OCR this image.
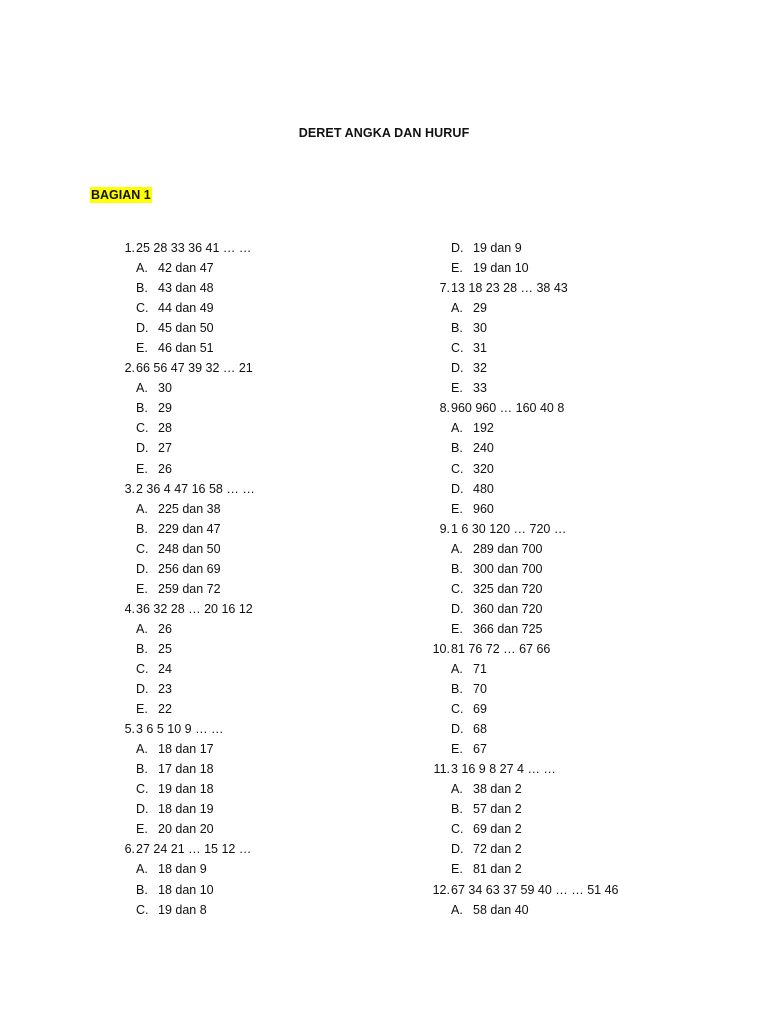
DERET ANGKA DAN HURUF
BAGIAN 1
1. 25 28 33 36 41 … …
A. 42 dan 47
B. 43 dan 48
C. 44 dan 49
D. 45 dan 50
E. 46 dan 51
2. 66 56 47 39 32 … 21
A. 30
B. 29
C. 28
D. 27
E. 26
3. 2 36 4 47 16 58 … …
A. 225 dan 38
B. 229 dan 47
C. 248 dan 50
D. 256 dan 69
E. 259 dan 72
4. 36 32 28 … 20 16 12
A. 26
B. 25
C. 24
D. 23
E. 22
5. 3 6 5 10 9 … …
A. 18 dan 17
B. 17 dan 18
C. 19 dan 18
D. 18 dan 19
E. 20 dan 20
6. 27 24 21 … 15 12 …
A. 18 dan 9
B. 18 dan 10
C. 19 dan 8
D. 19 dan 9
E. 19 dan 10
7. 13 18 23 28 … 38 43
A. 29
B. 30
C. 31
D. 32
E. 33
8. 960 960 … 160 40 8
A. 192
B. 240
C. 320
D. 480
E. 960
9. 1 6 30 120 … 720 …
A. 289 dan 700
B. 300 dan 700
C. 325 dan 720
D. 360 dan 720
E. 366 dan 725
10. 81 76 72 … 67 66
A. 71
B. 70
C. 69
D. 68
E. 67
11. 3 16 9 8 27 4 … …
A. 38 dan 2
B. 57 dan 2
C. 69 dan 2
D. 72 dan 2
E. 81 dan 2
12. 67 34 63 37 59 40 … … 51 46
A. 58 dan 40
